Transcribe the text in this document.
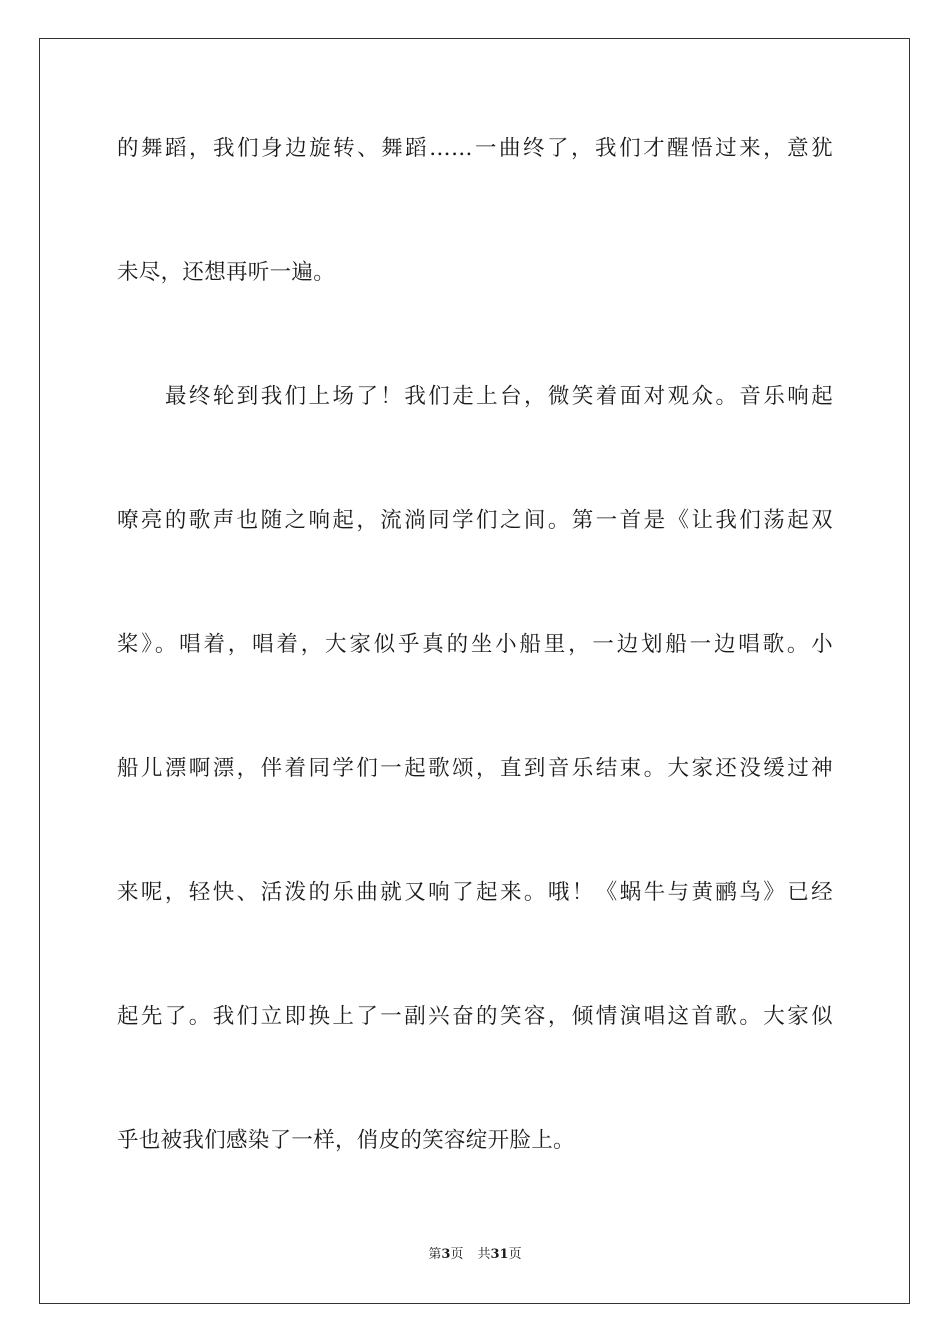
的舞蹈，我们身边旋转、舞蹈……一曲终了，我们才醒悟过来，意犹
未尽，还想再听一遍。
最终轮到我们上场了！我们走上台，微笑着面对观众。音乐响起
嘹亮的歌声也随之响起，流淌同学们之间。第一首是《让我们荡起双
桨》。唱着，唱着，大家似乎真的坐小船里，一边划船一边唱歌。小
船儿漂啊漂，伴着同学们一起歌颂，直到音乐结束。大家还没缓过神
来呢，轻快、活泼的乐曲就又响了起来。哦！《蜗牛与黄鹂鸟》已经
起先了。我们立即换上了一副兴奋的笑容，倾情演唱这首歌。大家似
乎也被我们感染了一样，俏皮的笑容绽开脸上。
第3页 共31页
